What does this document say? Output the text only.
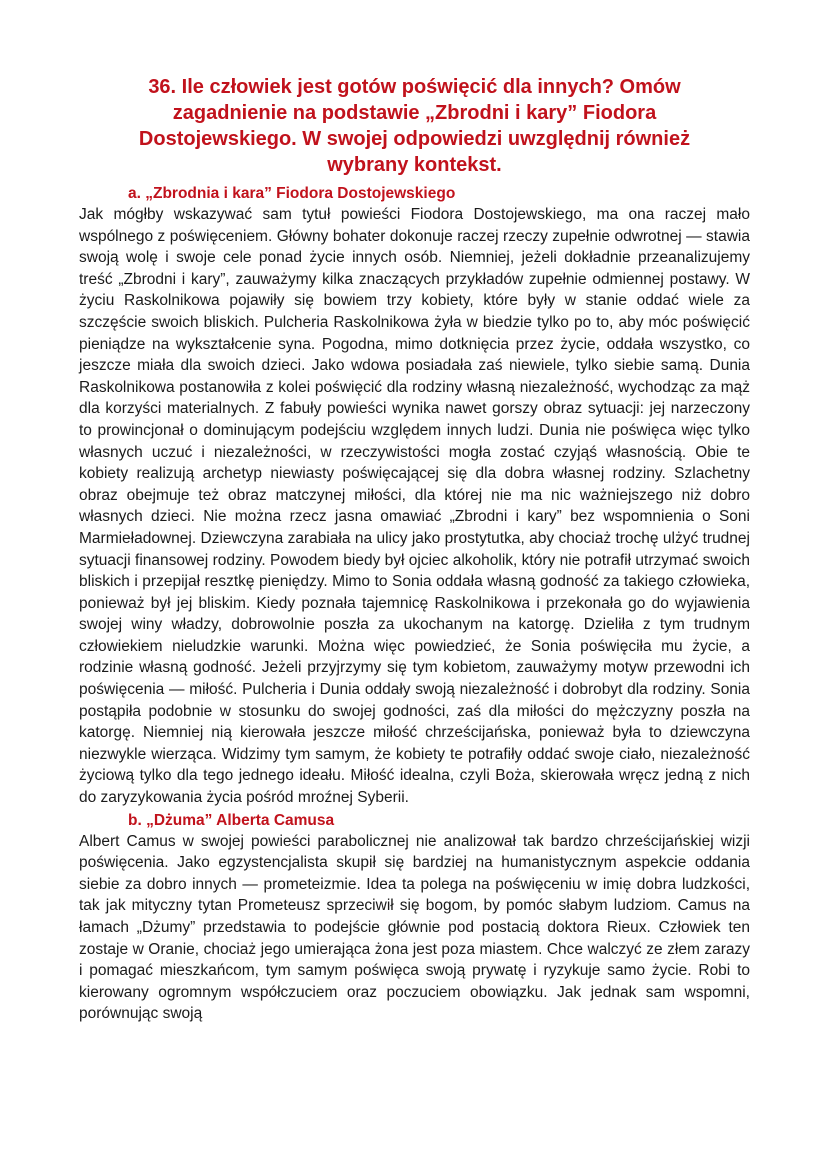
36. Ile człowiek jest gotów poświęcić dla innych? Omów zagadnienie na podstawie „Zbrodni i kary” Fiodora Dostojewskiego. W swojej odpowiedzi uwzględnij również wybrany kontekst.
a. „Zbrodnia i kara” Fiodora Dostojewskiego

Jak mógłby wskazywać sam tytuł powieści Fiodora Dostojewskiego, ma ona raczej mało wspólnego z poświęceniem. Główny bohater dokonuje raczej rzeczy zupełnie odwrotnej — stawia swoją wolę i swoje cele ponad życie innych osób. Niemniej, jeżeli dokładnie przeanalizujemy treść „Zbrodni i kary”, zauważymy kilka znaczących przykładów zupełnie odmiennej postawy. W życiu Raskolnikowa pojawiły się bowiem trzy kobiety, które były w stanie oddać wiele za szczęście swoich bliskich. Pulcheria Raskolnikowa żyła w biedzie tylko po to, aby móc poświęcić pieniądze na wykształcenie syna. Pogodna, mimo dotknięcia przez życie, oddała wszystko, co jeszcze miała dla swoich dzieci. Jako wdowa posiadała zaś niewiele, tylko siebie samą. Dunia Raskolnikowa postanowiła z kolei poświęcić dla rodziny własną niezależność, wychodząc za mąż dla korzyści materialnych. Z fabuły powieści wynika nawet gorszy obraz sytuacji: jej narzeczony to prowincjonał o dominującym podejściu względem innych ludzi. Dunia nie poświęca więc tylko własnych uczuć i niezależności, w rzeczywistości mogła zostać czyjąś własnością. Obie te kobiety realizują archetyp niewiasty poświęcającej się dla dobra własnej rodziny. Szlachetny obraz obejmuje też obraz matczynej miłości, dla której nie ma nic ważniejszego niż dobro własnych dzieci. Nie można rzecz jasna omawiać „Zbrodni i kary” bez wspomnienia o Soni Marmiеładownej. Dziewczyna zarabiała na ulicy jako prostytutka, aby chociaż trochę ulżyć trudnej sytuacji finansowej rodziny. Powodem biedy był ojciec alkoholik, który nie potrafił utrzymać swoich bliskich i przepijał resztkę pieniędzy. Mimo to Sonia oddała własną godność za takiego człowieka, ponieważ był jej bliskim. Kiedy poznała tajemnicę Raskolnikowa i przekonała go do wyjawienia swojej winy władzy, dobrowolnie poszła za ukochanym na katorgę. Dzieliła z tym trudnym człowiekiem nieludzkie warunki. Można więc powiedzieć, że Sonia poświęciła mu życie, a rodzinie własną godność. Jeżeli przyjrzymy się tym kobietom, zauważymy motyw przewodni ich poświęcenia — miłość. Pulcheria i Dunia oddały swoją niezależność i dobrobyt dla rodziny. Sonia postąpiła podobnie w stosunku do swojej godności, zaś dla miłości do mężczyzny poszła na katorgę. Niemniej nią kierowała jeszcze miłość chrześcijańska, ponieważ była to dziewczyna niezwykle wierząca. Widzimy tym samym, że kobiety te potrafiły oddać swoje ciało, niezależność życiową tylko dla tego jednego ideału. Miłość idealna, czyli Boża, skierowała wręcz jedną z nich do zaryzykowania życia pośród mroźnej Syberii.

b. „Dżuma” Alberta Camusa

Albert Camus w swojej powieści parabolicznej nie analizował tak bardzo chrześcijańskiej wizji poświęcenia. Jako egzystencjalista skupił się bardziej na humanistycznym aspekcie oddania siebie za dobro innych — prometeizmie. Idea ta polega na poświęceniu w imię dobra ludzkości, tak jak mityczny tytan Prometeusz sprzeciwił się bogom, by pomóc słabym ludziom. Camus na łamach „Dżumy” przedstawia to podejście głównie pod postacią doktora Rieux. Człowiek ten zostaje w Oranie, chociaż jego umierająca żona jest poza miastem. Chce walczyć ze złem zarazy i pomagać mieszkańcom, tym samym poświęca swoją prywatę i ryzykuje samo życie. Robi to kierowany ogromnym współczuciem oraz poczuciem obowiązku. Jak jednak sam wspomni, porównując swoją
